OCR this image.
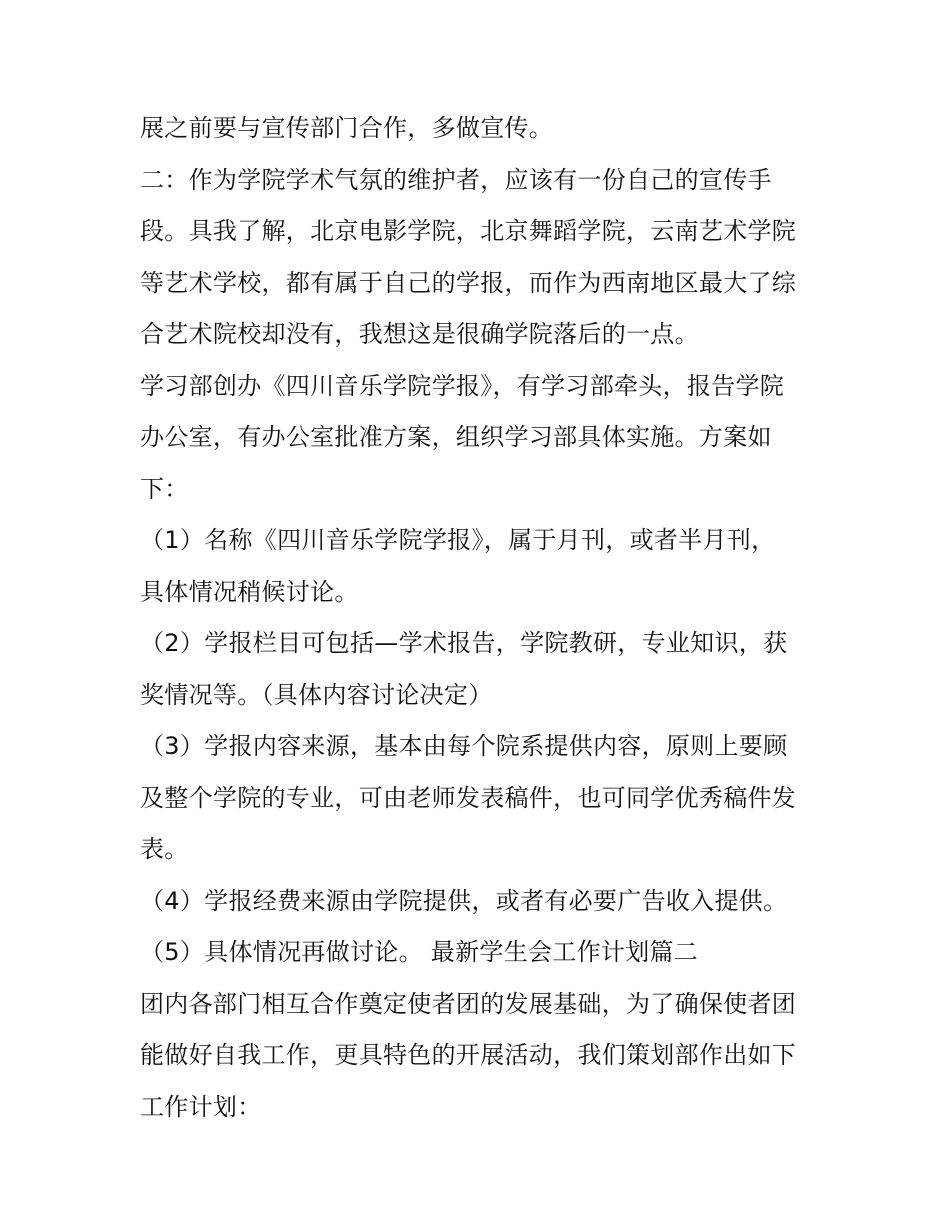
展之前要与宣传部门合作，多做宣传。
二：作为学院学术气氛的维护者，应该有一份自己的宣传手
段。具我了解，北京电影学院，北京舞蹈学院，云南艺术学院
等艺术学校，都有属于自己的学报，而作为西南地区最大了综
合艺术院校却没有，我想这是很确学院落后的一点。
学习部创办《四川音乐学院学报》，有学习部牵头，报告学院
办公室，有办公室批准方案，组织学习部具体实施。方案如
下：
（1）名称《四川音乐学院学报》，属于月刊，或者半月刊，
具体情况稍候讨论。
（2）学报栏目可包括—学术报告，学院教研，专业知识，获
奖情况等。（具体内容讨论决定）
（3）学报内容来源，基本由每个院系提供内容，原则上要顾
及整个学院的专业，可由老师发表稿件，也可同学优秀稿件发
表。
（4）学报经费来源由学院提供，或者有必要广告收入提供。
（5）具体情况再做讨论。 最新学生会工作计划篇二
团内各部门相互合作奠定使者团的发展基础，为了确保使者团
能做好自我工作，更具特色的开展活动，我们策划部作出如下
工作计划：
